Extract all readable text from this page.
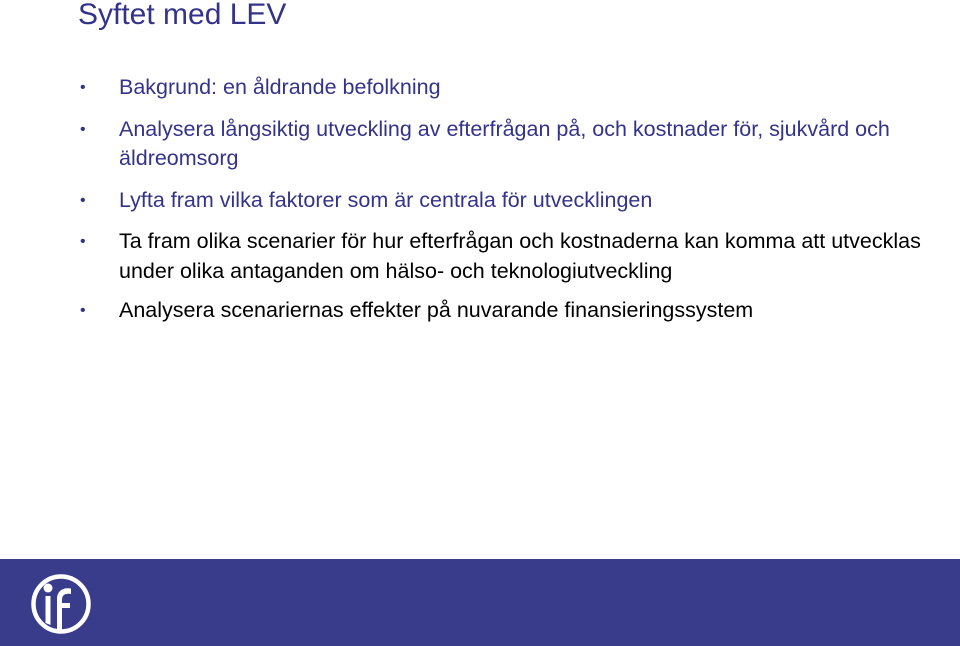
Syftet med LEV
• Bakgrund: en åldrande befolkning
• Analysera långsiktig utveckling av efterfrågan på, och kostnader för, sjukvård och äldreomsorg
• Lyfta fram vilka faktorer som är centrala för utvecklingen
• Ta fram olika scenarier för hur efterfrågan och kostnaderna kan komma att utvecklas under olika antaganden om hälso- och teknologiutveckling
• Analysera scenariernas effekter på nuvarande finansieringssystem
